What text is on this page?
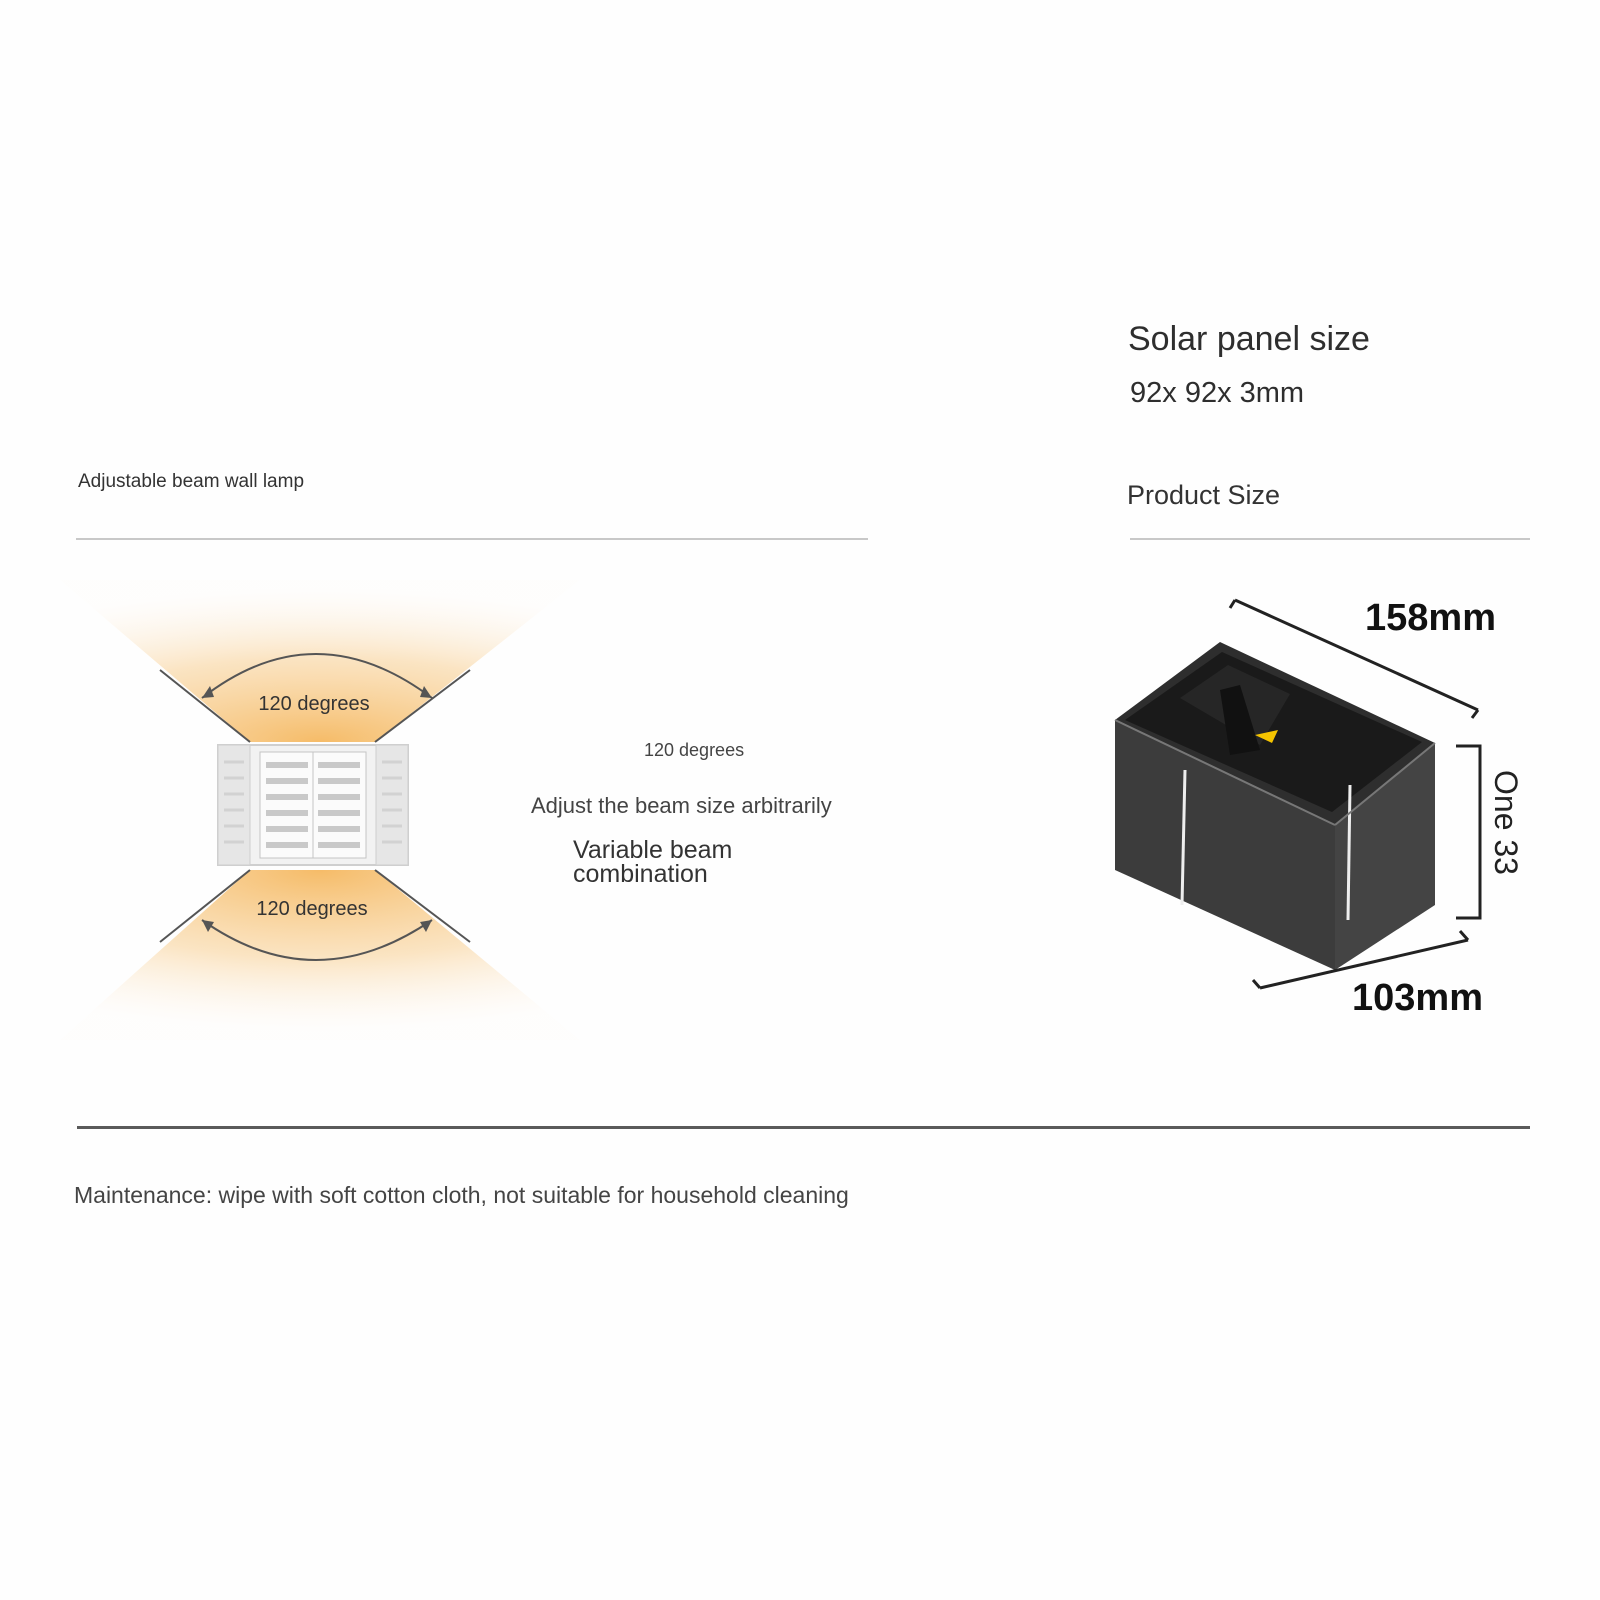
Adjustable beam wall lamp
Solar panel size
92x 92x 3mm
Product Size
120 degrees
120 degrees
120 degrees
Adjust the beam size arbitrarily
Variable beam combination
158mm
One 33
103mm
Maintenance: wipe with soft cotton cloth, not suitable for household cleaning
